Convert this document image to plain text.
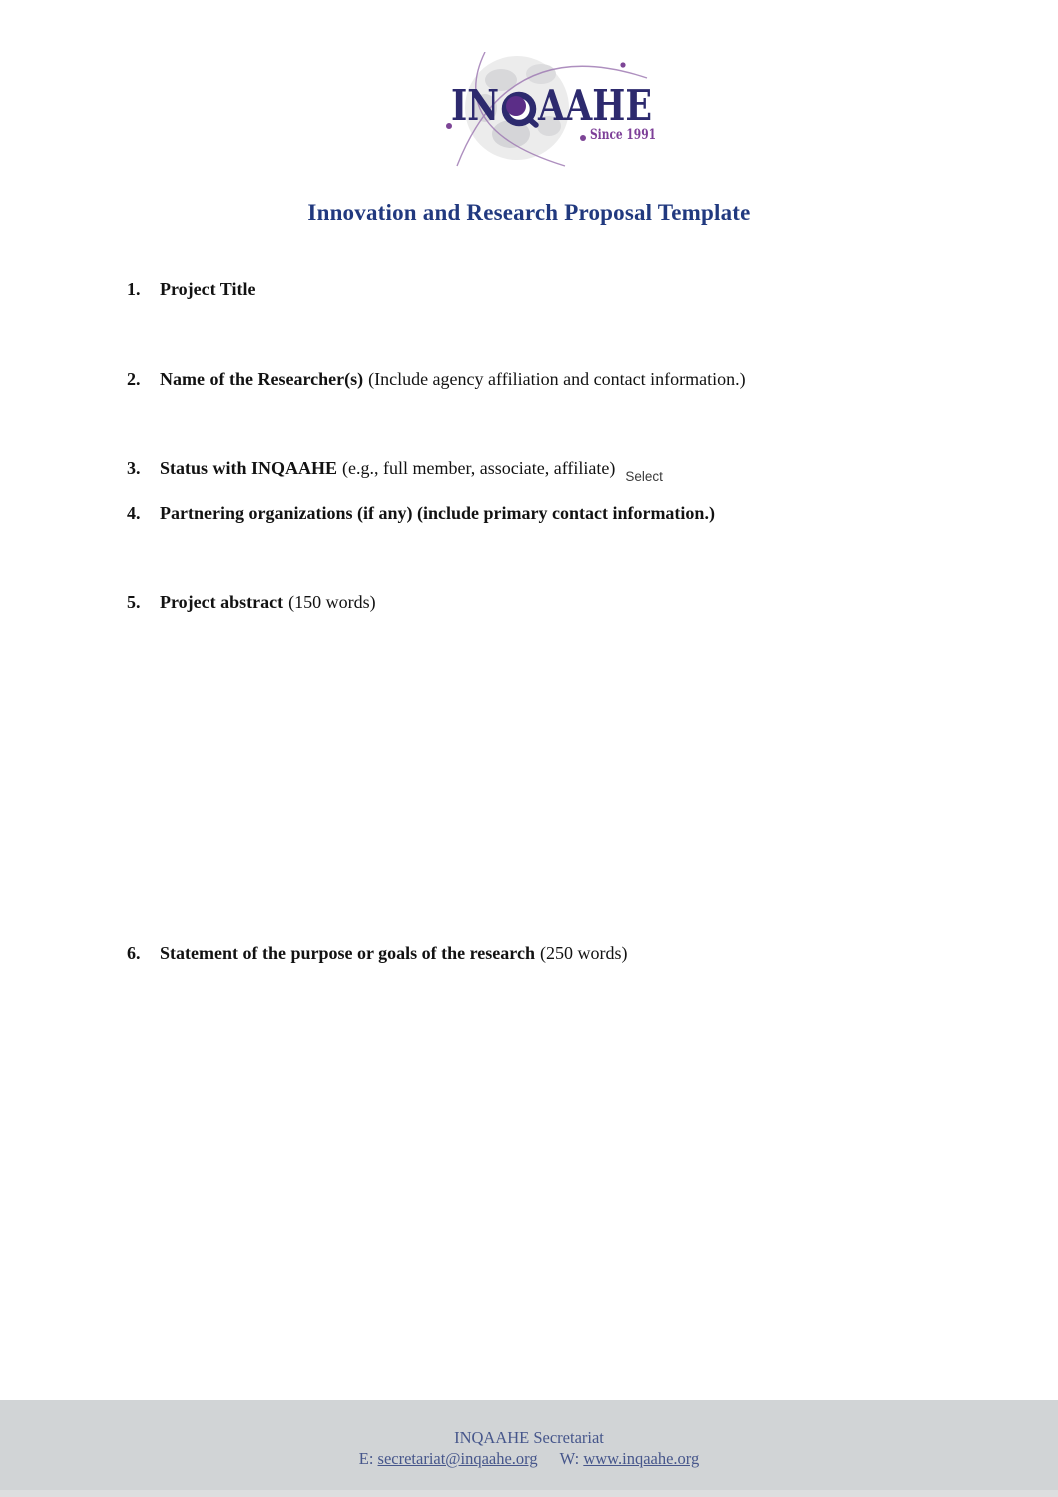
IN AAHE
Since 1991
Innovation and Research Proposal Template
1. Project Title
2. Name of the Researcher(s) (Include agency affiliation and contact information.)
3. Status with INQAAHE (e.g., full member, associate, affiliate) $_{Select}$
4. Partnering organizations (if any) (include primary contact information.)
5. Project abstract (150 words)
6. Statement of the purpose or goals of the research (250 words)
INQAAHE Secretariat
E: secretariat@inqaahe.org W: www.inqaahe.org
